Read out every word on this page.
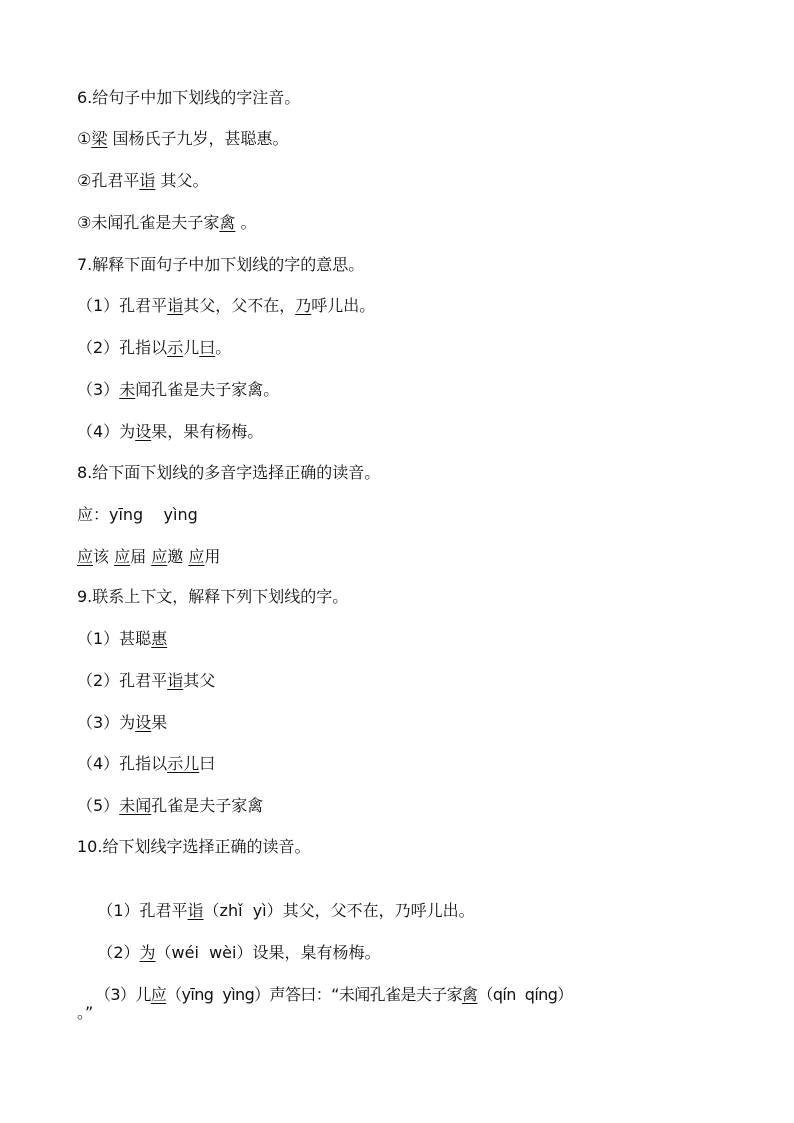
6.给句子中加下划线的字注音。
①梁 国杨氏子九岁，甚聪惠。
②孔君平诣 其父。
③未闻孔雀是夫子家禽 。
7.解释下面句子中加下划线的字的意思。
（1）孔君平诣其父，父不在，乃呼儿出。
（2）孔指以示儿曰。
（3）未闻孔雀是夫子家禽。
（4）为设果，果有杨梅。
8.给下面下划线的多音字选择正确的读音。
应：yīng    yìng
应该 应届 应邀 应用
9.联系上下文，解释下列下划线的字。
（1）甚聪惠
（2）孔君平诣其父
（3）为设果
（4）孔指以示儿曰
（5）未闻孔雀是夫子家禽
10.给下划线字选择正确的读音。

（1）孔君平诣（zhǐ  yì）其父，父不在，乃呼儿出。

（2）为（wéi  wèi）设果，臬有杨梅。

（3）儿应（yīng  yìng）声答曰：“未闻孔雀是夫子家禽（qín  qíng）

。”
